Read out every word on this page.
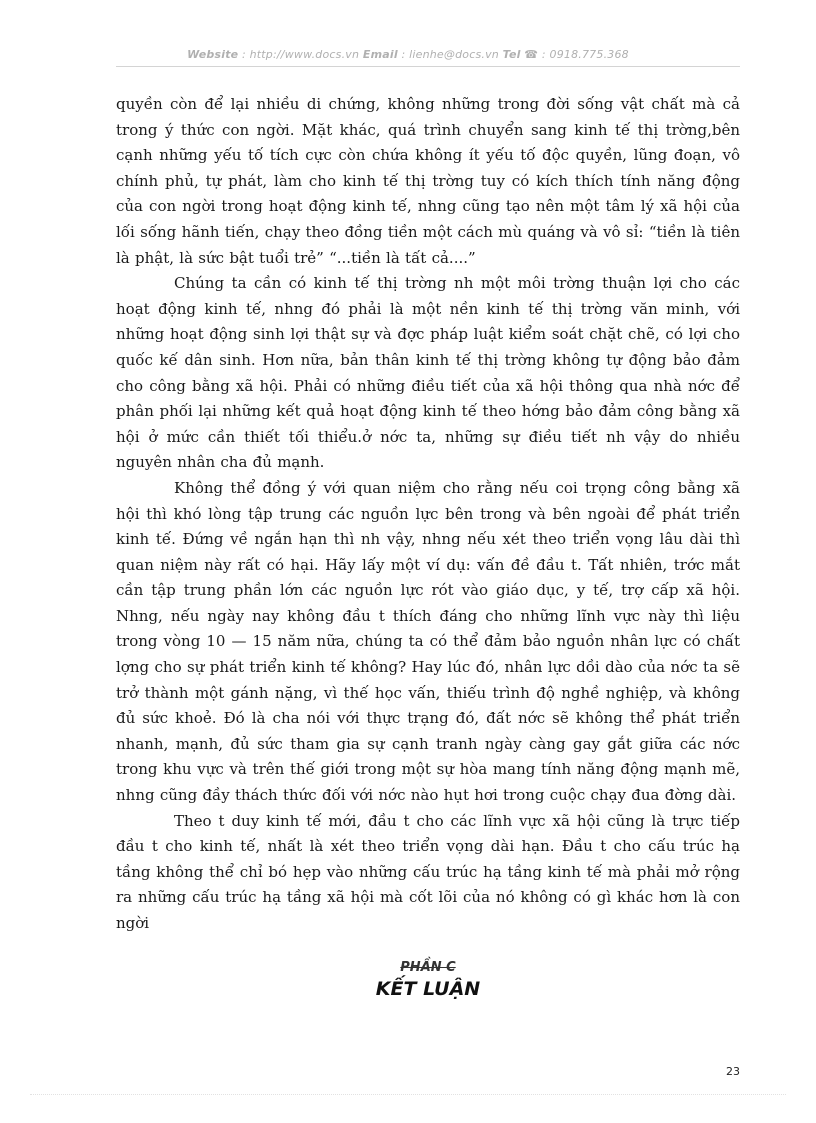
Website : http://www.docs.vn Email : lienhe@docs.vn Tel ☎ : 0918.775.368

quyền còn để lại nhiều di chứng, không những trong đời sống vật chất mà cả trong ý thức con ngời. Mặt khác, quá trình chuyển sang kinh tế thị trờng,bên cạnh những yếu tố tích cực còn chứa không ít yếu tố độc quyền, lũng đoạn, vô chính phủ, tự phát, làm cho kinh tế thị trờng tuy có kích thích tính năng động của con ngời trong hoạt động kinh tế, nhng cũng tạo nên một tâm lý xã hội của lối sống hãnh tiến, chạy theo đồng tiền một cách mù quáng và vô sỉ: “tiền là tiên là phật, là sức bật tuổi trẻ” “...tiền là tất cả....”

Chúng ta cần có kinh tế thị trờng nh một môi trờng thuận lợi cho các hoạt động kinh tế, nhng đó phải là một nền kinh tế thị trờng văn minh, với những hoạt động sinh lợi thật sự và đợc pháp luật kiểm soát chặt chẽ, có lợi cho quốc kế dân sinh. Hơn nữa, bản thân kinh tế thị trờng không tự động bảo đảm cho công bằng xã hội. Phải có những điều tiết của xã hội thông qua nhà nớc để phân phối lại những kết quả hoạt động kinh tế theo hớng bảo đảm công bằng xã hội ở mức cần thiết tối thiểu.ở nớc ta, những sự điều tiết nh vậy do nhiều nguyên nhân cha đủ mạnh.

Không thể đồng ý với quan niệm cho rằng nếu coi trọng công bằng xã hội thì khó lòng tập trung các nguồn lực bên trong và bên ngoài để phát triển kinh tế. Đứng về ngắn hạn thì nh vậy, nhng nếu xét theo triển vọng lâu dài thì quan niệm này rất có hại. Hãy lấy một ví dụ: vấn đề đầu t. Tất nhiên, trớc mắt cần tập trung phần lớn các nguồn lực rót vào giáo dục, y tế, trợ cấp xã hội. Nhng, nếu ngày nay không đầu t thích đáng cho những lĩnh vực này thì liệu trong vòng 10 — 15 năm nữa, chúng ta có thể đảm bảo nguồn nhân lực có chất lợng cho sự phát triển kinh tế không? Hay lúc đó, nhân lực dồi dào của nớc ta sẽ trở thành một gánh nặng, vì thế học vấn, thiếu trình độ nghề nghiệp, và không đủ sức khoẻ. Đó là cha nói với thực trạng đó, đất nớc sẽ không thể phát triển nhanh, mạnh, đủ sức tham gia sự cạnh tranh ngày càng gay gắt giữa các nớc trong khu vực và trên thế giới trong một sự hòa mang tính năng động mạnh mẽ, nhng cũng đầy thách thức đối với nớc nào hụt hơi trong cuộc chạy đua đờng dài.

Theo t duy kinh tế mới, đầu t cho các lĩnh vực xã hội cũng là trực tiếp đầu t cho kinh tế, nhất là xét theo triển vọng dài hạn. Đầu t cho cấu trúc hạ tầng không thể chỉ bó hẹp vào những cấu trúc hạ tầng kinh tế mà phải mở rộng ra những cấu trúc hạ tầng xã hội mà cốt lõi của nó không có gì khác hơn là con ngời

PHẦN C
KẾT LUẬN
23
